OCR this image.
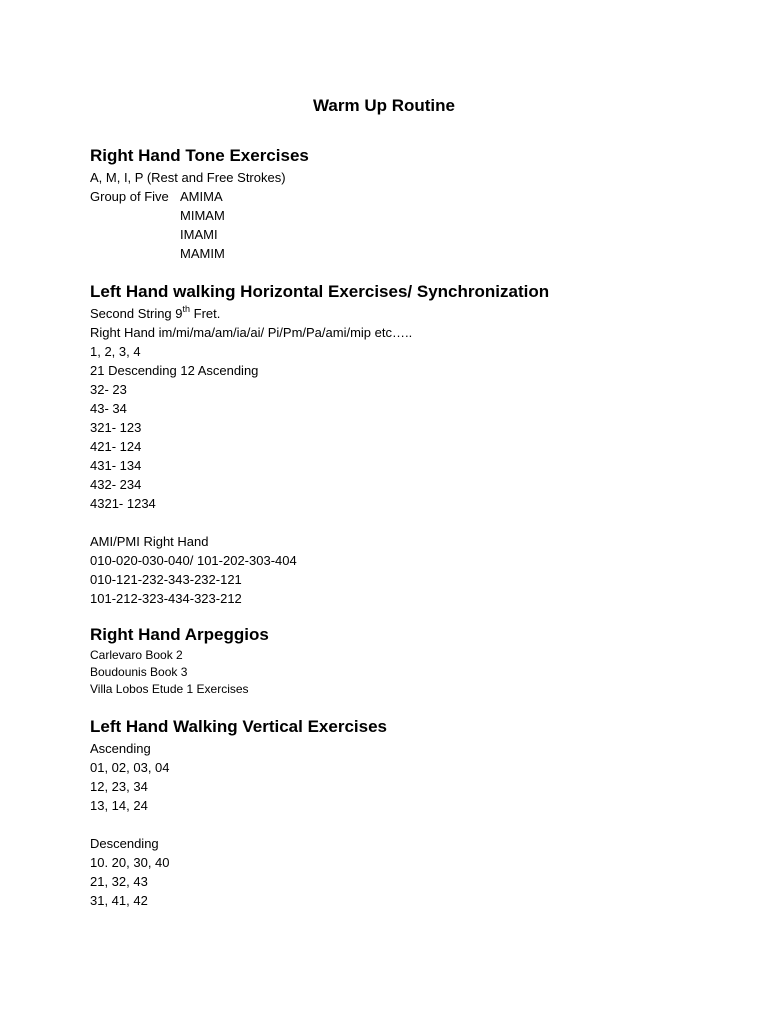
Warm Up Routine
Right Hand Tone Exercises
A, M, I, P (Rest and Free Strokes)
Group of Five AMIMA
MIMAM
IMAMI
MAMIM
Left Hand walking Horizontal Exercises/ Synchronization
Second String 9th Fret.
Right Hand im/mi/ma/am/ia/ai/ Pi/Pm/Pa/ami/mip etc…..
1, 2, 3, 4
21 Descending 12 Ascending
32- 23
43- 34
321- 123
421- 124
431- 134
432- 234
4321- 1234
AMI/PMI Right Hand
010-020-030-040/ 101-202-303-404
010-121-232-343-232-121
101-212-323-434-323-212
Right Hand Arpeggios
Carlevaro Book 2
Boudounis Book 3
Villa Lobos Etude 1 Exercises
Left Hand Walking Vertical Exercises
Ascending
01, 02, 03, 04
12, 23, 34
13, 14, 24
Descending
10. 20, 30, 40
21, 32, 43
31, 41, 42
